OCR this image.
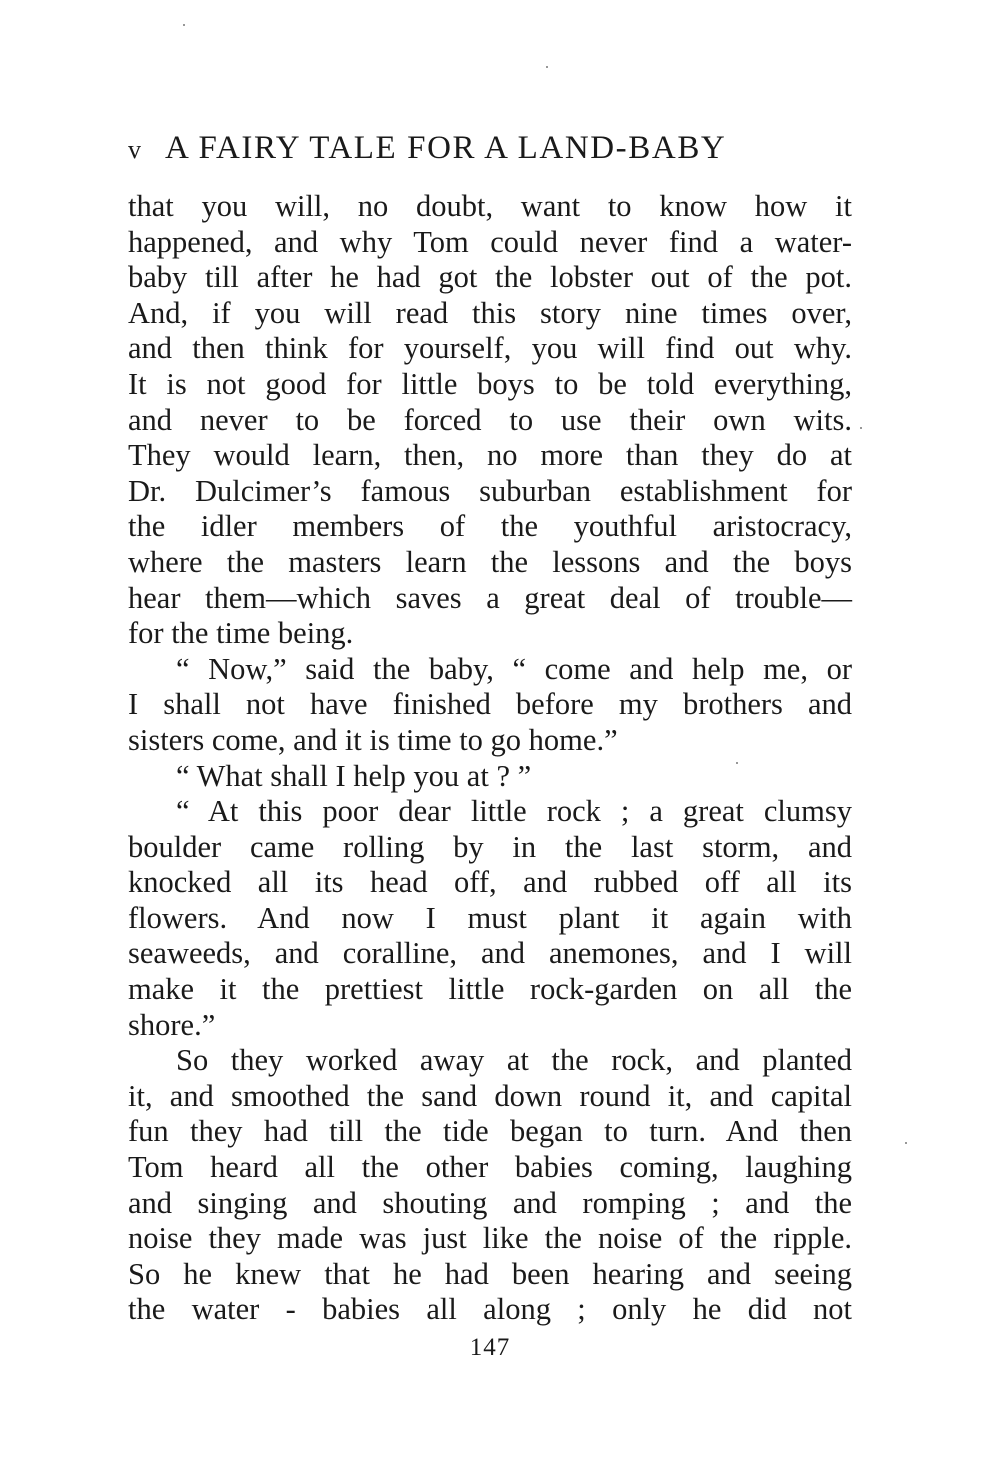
v A FAIRY TALE FOR A LAND-BABY
that you will, no doubt, want to know how it
happened, and why Tom could never find a water-
baby till after he had got the lobster out of the pot.
And, if you will read this story nine times over,
and then think for yourself, you will find out why.
It is not good for little boys to be told everything,
and never to be forced to use their own wits.
They would learn, then, no more than they do at
Dr. Dulcimer’s famous suburban establishment for
the idler members of the youthful aristocracy,
where the masters learn the lessons and the boys
hear them—which saves a great deal of trouble—
for the time being.
“ Now,” said the baby, “ come and help me, or
I shall not have finished before my brothers and
sisters come, and it is time to go home.”
“ What shall I help you at ? ”
“ At this poor dear little rock ; a great clumsy
boulder came rolling by in the last storm, and
knocked all its head off, and rubbed off all its
flowers. And now I must plant it again with
seaweeds, and coralline, and anemones, and I will
make it the prettiest little rock-garden on all the
shore.”
So they worked away at the rock, and planted
it, and smoothed the sand down round it, and capital
fun they had till the tide began to turn. And then
Tom heard all the other babies coming, laughing
and singing and shouting and romping ; and the
noise they made was just like the noise of the ripple.
So he knew that he had been hearing and seeing
the water - babies all along ; only he did not
147
